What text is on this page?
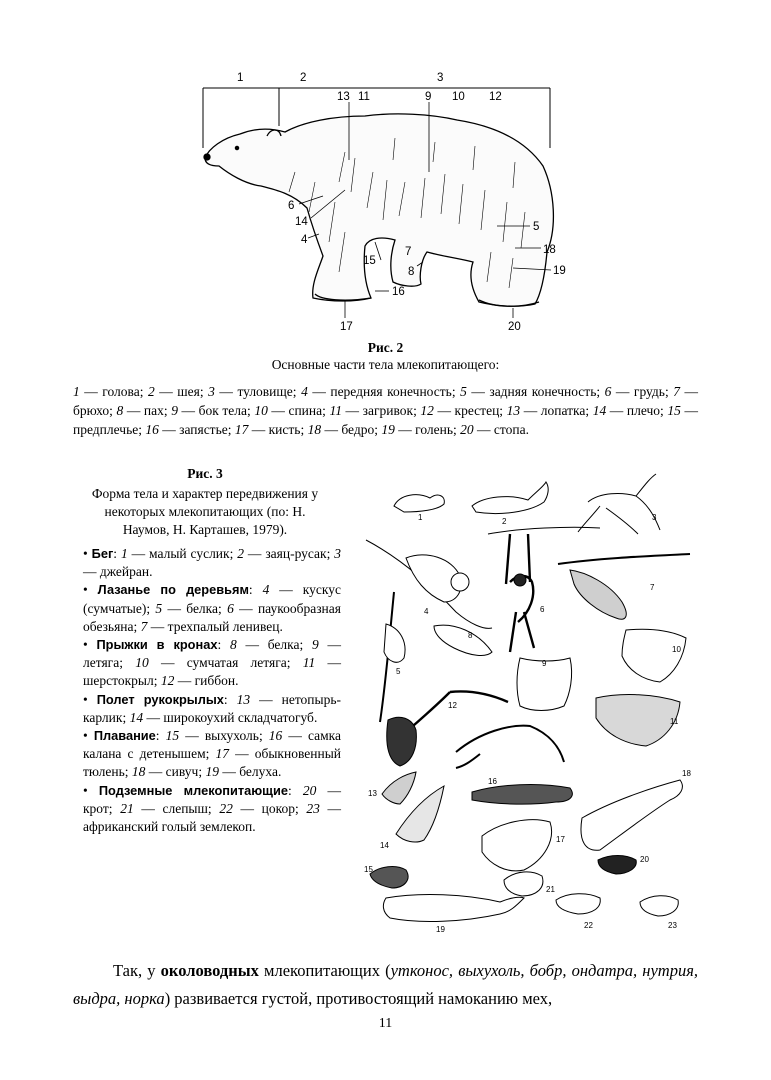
1	2	3
13 11	9 10 12
6
14
4
7
5
15
18
8	19
16
17	20
Рис. 2
Основные части тела млекопитающего:
1 — голова; 2 — шея; 3 — туловище; 4 — передняя конечность; 5 — задняя конечность; 6 — грудь; 7 — брюхо; 8 — пах; 9 — бок тела; 10 — спина; 11 — загривок; 12 — крестец; 13 — лопатка; 14 — плечо; 15 — предплечье; 16 — запястье; 17 — кисть; 18 — бедро; 19 — голень; 20 — стопа.
Рис. 3
Форма тела и характер передвижения у некоторых млекопитающих (по: Н. Наумов, Н. Карташев, 1979).

• Бег: 1 — малый суслик; 2 — заяц-русак; 3 — джейран.

• Лазанье по деревьям: 4 — кускус (сумчатые); 5 — белка; 6 — паукообразная обезьяна; 7 — трехпалый ленивец.

• Прыжки в кронах: 8 — белка; 9 — летяга; 10 — сумчатая летяга; 11 — шерстокрыл; 12 — гиббон.

• Полет рукокрылых: 13 — нетопырь-карлик; 14 — широкоухий складчатогуб.

• Плавание: 15 — выхухоль; 16 — самка калана с детенышем; 17 — обыкновенный тюлень; 18 — сивуч; 19 — белуха.

• Подземные млекопитающие: 20 — крот; 21 — слепыш; 22 — цокор; 23 — африканский голый землекоп.

1	2	3
4
5
6
7
8
9
10
11
12
13
14
15
16
17
18
19
20
21
22	23

Так, у околоводных млекопитающих (утконос, выхухоль, бобр, ондатра, нутрия, выдра, норка) развивается густой, противостоящий намоканию мех,

11
